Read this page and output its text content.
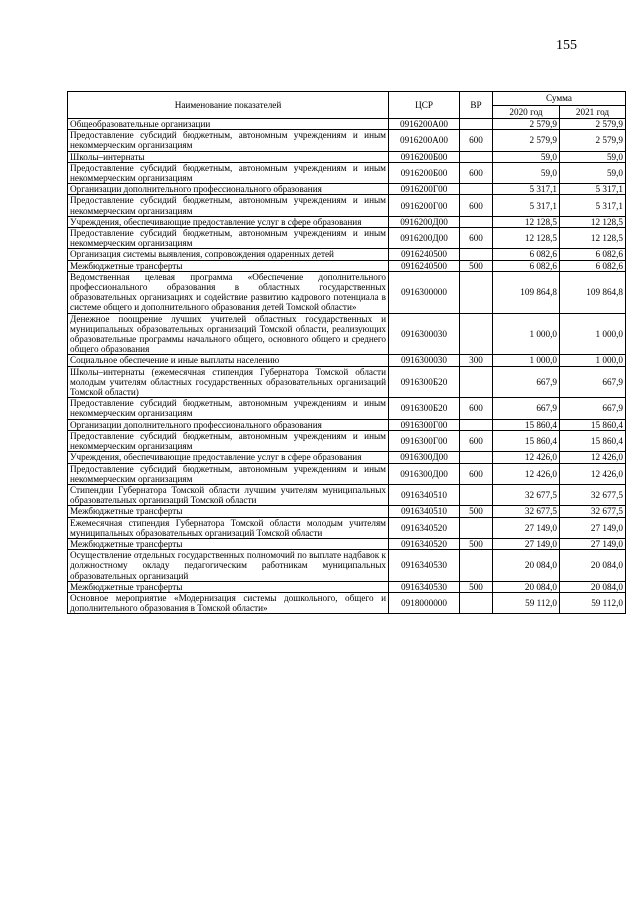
155
Наименование показателей	ЦСР	ВР	Сумма	
			2020 год	2021 год
Общеобразовательные организации	0916200А00		2 579,9	2 579,9
Предоставление субсидий бюджетным, автономным учреждениям и иным некоммерческим организациям	0916200А00	600	2 579,9	2 579,9
Школы–интернаты	0916200Б00		59,0	59,0
Предоставление субсидий бюджетным, автономным учреждениям и иным некоммерческим организациям	0916200Б00	600	59,0	59,0
Организации дополнительного профессионального образования	0916200Г00		5 317,1	5 317,1
Предоставление субсидий бюджетным, автономным учреждениям и иным некоммерческим организациям	0916200Г00	600	5 317,1	5 317,1
Учреждения, обеспечивающие предоставление услуг в сфере образования	0916200Д00		12 128,5	12 128,5
Предоставление субсидий бюджетным, автономным учреждениям и иным некоммерческим организациям	0916200Д00	600	12 128,5	12 128,5
Организация системы выявления, сопровождения одаренных детей	0916240500		6 082,6	6 082,6
Межбюджетные трансферты	0916240500	500	6 082,6	6 082,6
Ведомственная целевая программа «Обеспечение дополнительного профессионального образования в областных государственных образовательных организациях и содействие развитию кадрового потенциала в системе общего и дополнительного образования детей Томской области»	0916300000		109 864,8	109 864,8
Денежное поощрение лучших учителей областных государственных и муниципальных образовательных организаций Томской области, реализующих образовательные программы начального общего, основного общего и среднего общего образования	0916300030		1 000,0	1 000,0
Социальное обеспечение и иные выплаты населению	0916300030	300	1 000,0	1 000,0
Школы–интернаты (ежемесячная стипендия Губернатора Томской области молодым учителям областных государственных образовательных организаций Томской области)	0916300Б20		667,9	667,9
Предоставление субсидий бюджетным, автономным учреждениям и иным некоммерческим организациям	0916300Б20	600	667,9	667,9
Организации дополнительного профессионального образования	0916300Г00		15 860,4	15 860,4
Предоставление субсидий бюджетным, автономным учреждениям и иным некоммерческим организациям	0916300Г00	600	15 860,4	15 860,4
Учреждения, обеспечивающие предоставление услуг в сфере образования	0916300Д00		12 426,0	12 426,0
Предоставление субсидий бюджетным, автономным учреждениям и иным некоммерческим организациям	0916300Д00	600	12 426,0	12 426,0
Стипендии Губернатора Томской области лучшим учителям муниципальных образовательных организаций Томской области	0916340510		32 677,5	32 677,5
Межбюджетные трансферты	0916340510	500	32 677,5	32 677,5
Ежемесячная стипендия Губернатора Томской области молодым учителям муниципальных образовательных организаций Томской области	0916340520		27 149,0	27 149,0
Межбюджетные трансферты	0916340520	500	27 149,0	27 149,0
Осуществление отдельных государственных полномочий по выплате надбавок к должностному окладу педагогическим работникам муниципальных образовательных организаций	0916340530		20 084,0	20 084,0
Межбюджетные трансферты	0916340530	500	20 084,0	20 084,0
Основное мероприятие «Модернизация системы дошкольного, общего и дополнительного образования в Томской области»	0918000000		59 112,0	59 112,0
